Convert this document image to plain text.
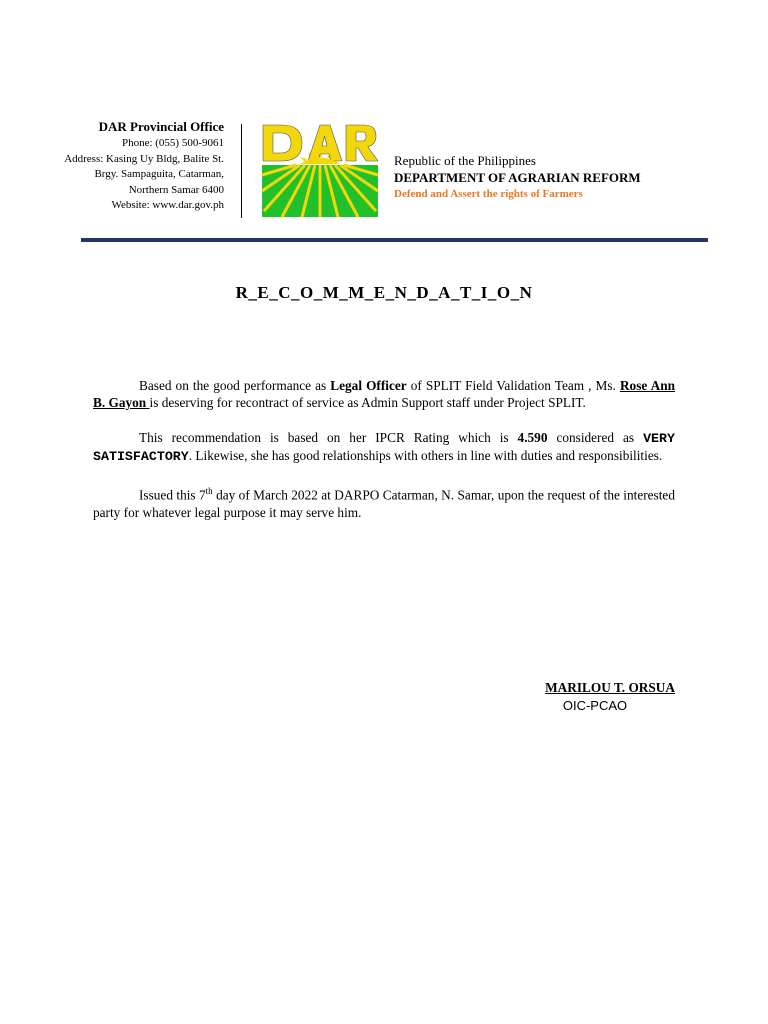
DAR Provincial Office
Phone: (055) 500-9061
Address: Kasing Uy Bldg, Balite St.
Brgy. Sampaguita, Catarman,
Northern Samar 6400
Website: www.dar.gov.ph
Republic of the Philippines
DEPARTMENT OF AGRARIAN REFORM
Defend and Assert the rights of Farmers
R_E_C_O_M_M_E_N_D_A_T_I_O_N

Based on the good performance as Legal Officer of SPLIT Field Validation Team , Ms. Rose Ann B. Gayon is deserving for recontract of service as Admin Support staff under Project SPLIT.

This recommendation is based on her IPCR Rating which is 4.590 considered as VERY SATISFACTORY. Likewise, she has good relationships with others in line with duties and responsibilities.

Issued this 7th day of March 2022 at DARPO Catarman, N. Samar, upon the request of the interested party for whatever legal purpose it may serve him.

MARILOU T. ORSUA
OIC-PCAO
